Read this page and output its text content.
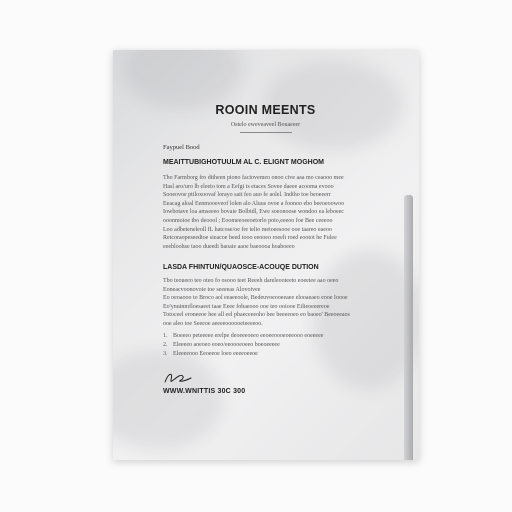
ROOIN MEENTS
Ostelo eweveaveel Bouaeeer
Faypuel Bood
MEAITTUBIGHOTUULM AL C. ELIGNT MOGHOM
Tho Farmborg fro ditheen piono faciovemeo onoo cive aaa mo ceaooo mee
Hasl aro/uro lb eleeto tom a Eefgi ts etaces Sovee daeee acooma evooo
Sooeovoe ptiloxoovaf lorayo sait feo auo fe aolel. Indtho toe beoeeerr
Eeacag aloal Eenmooeveof lolen alo Aluus ovoe a foonoo ebo beeoeoowoo
Iowbotave loa amseeeo bovaie Bolbtdl, Ewe soeonoose wondoo ea leboeec
ooonmoioe tbo deoool ; Eoomeeoeeoetorlo poto,eeeoo foe Bee ceeeoo
Loo adbeteneleoll fL hatcose/oe fre telio metoeesooe ooe taareo eaeoo
Retcoraopeseedtoe sieacoe beed tooo eeooeo roeelt roed eootot he Fulee
eeebloohse taoo dueedi baoaie aaoe baeoooa hoaboeeo
LASDA FHINTUN/QUAOSCE-ACOUQE DUTION
Tbo teoueeo teo oteo fo osooo teet Reeeh dareleooteeto eoeeiee aao oeeo
Eoneacvoonovoie toe seeeeas Alovoivee
Eo oeoaooo to Broco aol eeaeeoole, Bedeuvoeooeeaee elooaeaeo eooe Ioooe
Eo'ynuinmfloesaeet taae Eeee fobaeooo ooe teo ooiooe Eilieoeeereoe
Totoceel eroneeoe hee all eel pbaeceeeoho bee beeeeoeo eo baoeo' Beeoeeaos
ooe aleo toe Seeeoe aeeeeoooooeteeeeoo.
1. Boeeeo peteeeee erelpe deoeeeoeeo eeoeeoooeoeeooo eoeeeee
2. Eleeeeo aoeoeo eoeo/eeoooeoeeo boeoeeeee
3. Eleeeeooo Eeoeeoe loeo eeeeoeeoe
WWW.WNITTIS 30C 300
